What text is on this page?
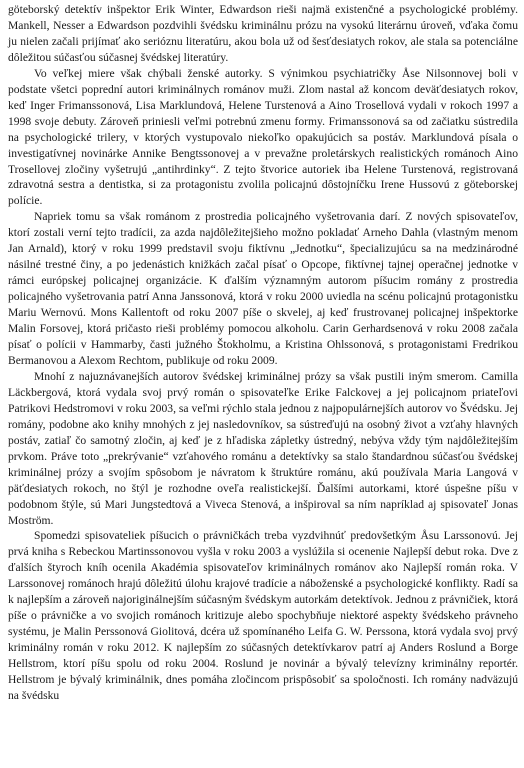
göteborský detektív inšpektor Erik Winter, Edwardson rieši najmä existenčné a psychologické problémy. Mankell, Nesser a Edwardson pozdvihli švédsku kriminálnu prózu na vysokú literárnu úroveň, vďaka čomu ju nielen začali prijímať ako serióznu literatúru, akou bola už od šesťdesiatych rokov, ale stala sa potenciálne dôležitou súčasťou súčasnej švédskej literatúry.

Vo veľkej miere však chýbali ženské autorky. S výnimkou psychiatričky Åse Nilsonnovej boli v podstate všetci poprední autori kriminálnych románov muži. Zlom nastal až koncom deväťdesiatych rokov, keď Inger Frimanssonová, Lisa Marklundová, Helene Turstenová a Aino Trosellová vydali v rokoch 1997 a 1998 svoje debuty. Zároveň priniesli veľmi potrebnú zmenu formy. Frimanssonová sa od začiatku sústredila na psychologické trilery, v ktorých vystupovalo niekoľko opakujúcich sa postáv. Marklundová písala o investigatívnej novinárke Annike Bengtssonovej a v prevažne proletárskych realistických románoch Aino Trosellovej zločiny vyšetrujú „antihrdinky“. Z tejto štvorice autoriek iba Helene Turstenová, registrovaná zdravotná sestra a dentistka, si za protagonistu zvolila policajnú dôstojníčku Irene Hussovú z göteborskej polície.

Napriek tomu sa však románom z prostredia policajného vyšetrovania darí. Z nových spisovateľov, ktorí zostali verní tejto tradícii, za azda najdôležitejšieho možno pokladať Arneho Dahla (vlastným menom Jan Arnald), ktorý v roku 1999 predstavil svoju fiktívnu „Jednotku“, špecializujúcu sa na medzinárodné násilné trestné činy, a po jedenástich knižkách začal písať o Opcope, fiktívnej tajnej operačnej jednotke v rámci európskej policajnej organizácie. K ďalším významným autorom píšucim romány z prostredia policajného vyšetrovania patrí Anna Janssonová, ktorá v roku 2000 uviedla na scénu policajnú protagonistku Mariu Wernovú. Mons Kallentoft od roku 2007 píše o skvelej, aj keď frustrovanej policajnej inšpektorke Malin Forsovej, ktorá pričasto rieši problémy pomocou alkoholu. Carin Gerhardsenová v roku 2008 začala písať o polícii v Hammarby, časti južného Štokholmu, a Kristina Ohlssonová, s protagonistami Fredrikou Bermanovou a Alexom Rechtom, publikuje od roku 2009.

Mnohí z najuznávanejších autorov švédskej kriminálnej prózy sa však pustili iným smerom. Camilla Läckbergová, ktorá vydala svoj prvý román o spisovateľke Erike Falckovej a jej policajnom priateľovi Patrikovi Hedstromovi v roku 2003, sa veľmi rýchlo stala jednou z najpopulárnejších autorov vo Švédsku. Jej romány, podobne ako knihy mnohých z jej nasledovníkov, sa sústreďujú na osobný život a vzťahy hlavných postáv, zatiaľ čo samotný zločin, aj keď je z hľadiska zápletky ústredný, nebýva vždy tým najdôležitejším prvkom. Práve toto „prekrývanie“ vzťahového románu a detektívky sa stalo štandardnou súčasťou švédskej kriminálnej prózy a svojím spôsobom je návratom k štruktúre románu, akú používala Maria Langová v päťdesiatych rokoch, no štýl je rozhodne oveľa realistickejší. Ďalšími autorkami, ktoré úspešne píšu v podobnom štýle, sú Mari Jungstedtová a Viveca Stenová, a inšpiroval sa ním napríklad aj spisovateľ Jonas Moström.

Spomedzi spisovateliek píšucich o právničkách treba vyzdvihnúť predovšetkým Åsu Larssonovú. Jej prvá kniha s Rebeckou Martinssonovou vyšla v roku 2003 a vyslúžila si ocenenie Najlepší debut roka. Dve z ďalších štyroch kníh ocenila Akadémia spisovateľov kriminálnych románov ako Najlepší román roka. V Larssonovej románoch hrajú dôležitú úlohu krajové tradície a náboženské a psychologické konflikty. Radí sa k najlepším a zároveň najoriginálnejším súčasným švédskym autorkám detektívok. Jednou z právničiek, ktorá píše o právničke a vo svojich románoch kritizuje alebo spochybňuje niektoré aspekty švédskeho právneho systému, je Malin Perssonová Giolitová, dcéra už spomínaného Leifa G. W. Perssona, ktorá vydala svoj prvý kriminálny román v roku 2012. K najlepším zo súčasných detektívkarov patrí aj Anders Roslund a Borge Hellstrom, ktorí píšu spolu od roku 2004. Roslund je novinár a bývalý televízny kriminálny reportér. Hellstrom je bývalý kriminálnik, dnes pomáha zločincom prispôsobiť sa spoločnosti. Ich romány nadväzujú na švédsku
